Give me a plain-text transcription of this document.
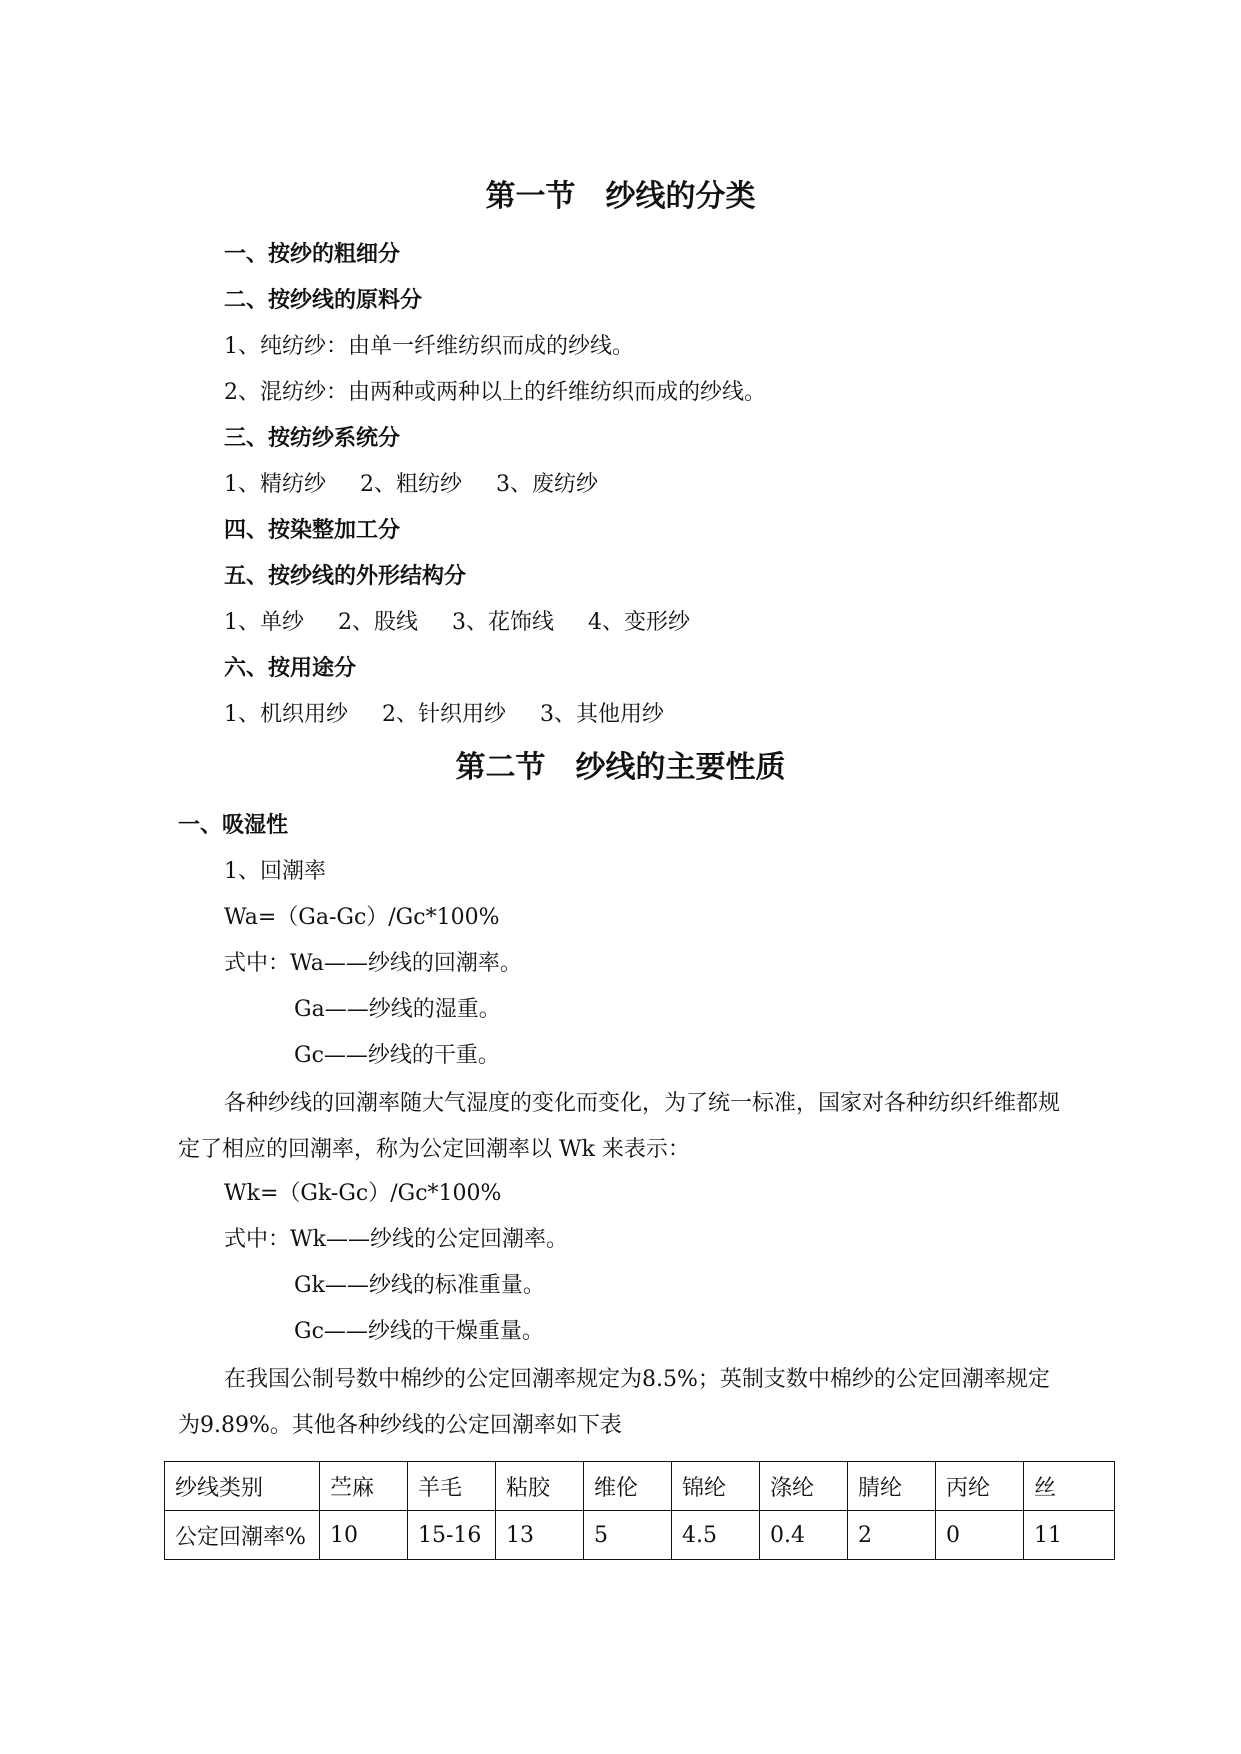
第一节　纱线的分类
一、按纱的粗细分
二、按纱线的原料分
1、纯纺纱：由单一纤维纺织而成的纱线。
2、混纺纱：由两种或两种以上的纤维纺织而成的纱线。
三、按纺纱系统分
1、精纺纱 2、粗纺纱 3、废纺纱
四、按染整加工分
五、按纱线的外形结构分
1、单纱 2、股线 3、花饰线 4、变形纱
六、按用途分
1、机织用纱 2、针织用纱 3、其他用纱
第二节　纱线的主要性质
一、吸湿性
1、回潮率
Wa=（Ga-Gc）/Gc*100%
式中：Wa——纱线的回潮率。
Ga——纱线的湿重。
Gc——纱线的干重。
各种纱线的回潮率随大气湿度的变化而变化，为了统一标准，国家对各种纺织纤维都规定了相应的回潮率，称为公定回潮率以 Wk 来表示：
Wk=（Gk-Gc）/Gc*100%
式中：Wk——纱线的公定回潮率。
Gk——纱线的标准重量。
Gc——纱线的干燥重量。
在我国公制号数中棉纱的公定回潮率规定为8.5%；英制支数中棉纱的公定回潮率规定为9.89%。其他各种纱线的公定回潮率如下表
纱线类别	苎麻	羊毛	粘胶	维伦	锦纶	涤纶	腈纶	丙纶	丝
公定回潮率%	10	15-16	13	5	4.5	0.4	2	0	11
